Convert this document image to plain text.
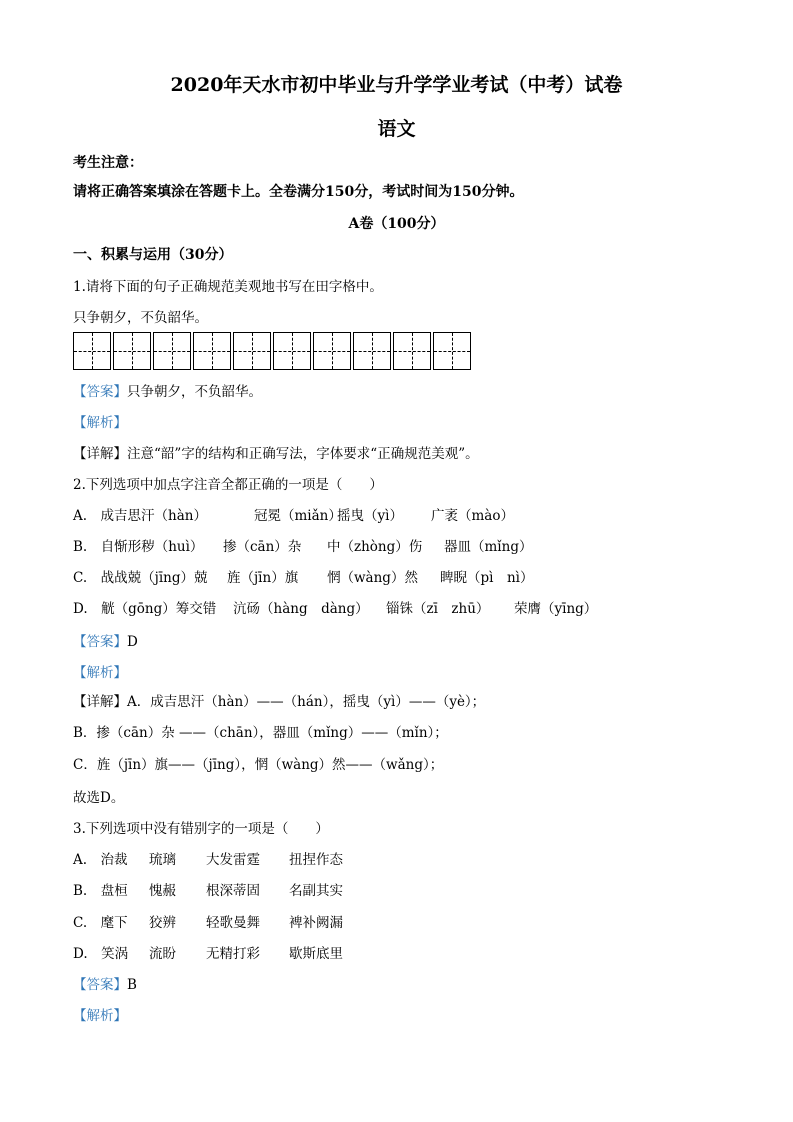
2020年天水市初中毕业与升学学业考试（中考）试卷
语文
考生注意：
请将正确答案填涂在答题卡上。全卷满分150分，考试时间为150分钟。
A卷（100分）
一、积累与运用（30分）
1.请将下面的句子正确规范美观地书写在田字格中。
只争朝夕，不负韶华。
【答案】只争朝夕，不负韶华。
【解析】
【详解】注意“韶”字的结构和正确写法，字体要求“正确规范美观”。
2.下列选项中加点字注音全都正确的一项是（　　）
A.　成吉思汗（hàn）	冠冕（miǎn）
摇曳（yì） 广袤（mào）
B.　自惭形秽（huì） 掺（cān）杂 中（zhòng）伤 器皿（mǐng）
C.　战战兢（jīng）兢 旌（jīn）旗 惘（wàng）然 睥睨（pì　nì）
D.　觥（gōng）筹交错 沆砀（hàng　dàng） 锱铢（zī　zhū） 荣膺（yīng）
【答案】D
【解析】
【详解】A．成吉思汗（hàn）——（hán），摇曳（yì）——（yè）；
B．掺（cān）杂 ——（chān），器皿（mǐng）——（mǐn）；
C．旌（jīn）旗——（jīng），惘（wàng）然——（wǎng）；
故选D。
3.下列选项中没有错别字的一项是（　　）
A.　治裁 琉璃 大发雷霆 扭捏作态
B.　盘桓 愧赧 根深蒂固 名副其实
C.　麾下 狡辨 轻歌曼舞 裨补阙漏
D.　笑涡 流盼 无精打彩 歇斯底里
【答案】B
【解析】
